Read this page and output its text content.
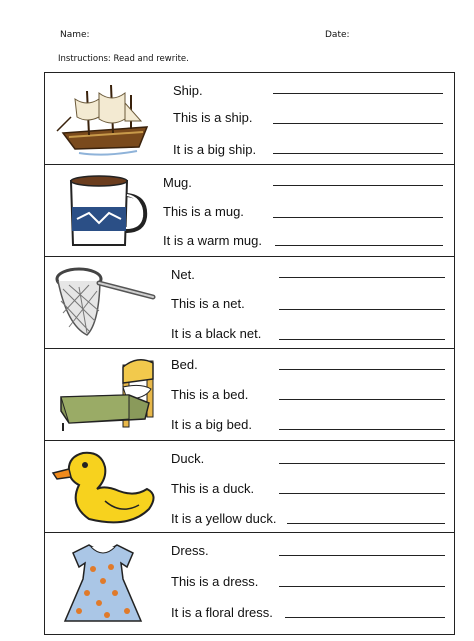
Name:	Date:
Instructions: Read and rewrite.
Ship.
This is a ship.
It is a big ship.
Mug.
This is a mug.
It is a warm mug.
Net.
This is a net.
It is a black net.
Bed.
This is a bed.
It is a big bed.
Duck.
This is a duck.
It is a yellow duck.
Dress.
This is a dress.
It is a floral dress.
